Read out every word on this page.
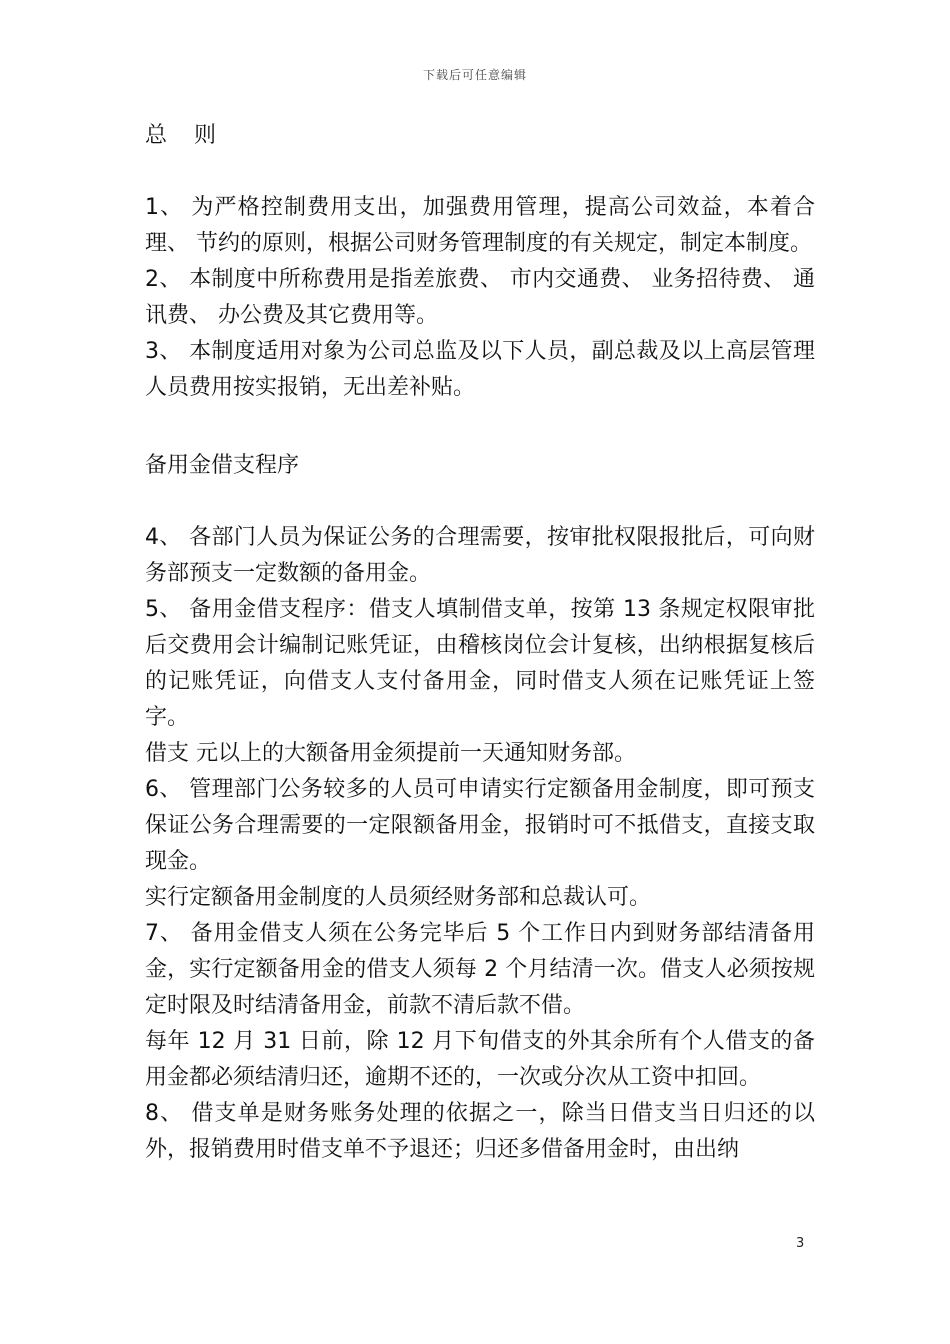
下载后可任意编辑
总 则

1、 为严格控制费用支出，加强费用管理，提高公司效益，本着合理、 节约的原则，根据公司财务管理制度的有关规定，制定本制度。

2、 本制度中所称费用是指差旅费、 市内交通费、 业务招待费、 通讯费、 办公费及其它费用等。

3、 本制度适用对象为公司总监及以下人员，副总裁及以上高层管理人员费用按实报销，无出差补贴。

备用金借支程序

4、 各部门人员为保证公务的合理需要，按审批权限报批后，可向财务部预支一定数额的备用金。

5、 备用金借支程序：借支人填制借支单，按第 13 条规定权限审批后交费用会计编制记账凭证，由稽核岗位会计复核，出纳根据复核后的记账凭证，向借支人支付备用金，同时借支人须在记账凭证上签字。

借支 元以上的大额备用金须提前一天通知财务部。

6、 管理部门公务较多的人员可申请实行定额备用金制度，即可预支保证公务合理需要的一定限额备用金，报销时可不抵借支，直接支取现金。

实行定额备用金制度的人员须经财务部和总裁认可。

7、 备用金借支人须在公务完毕后 5 个工作日内到财务部结清备用金，实行定额备用金的借支人须每 2 个月结清一次。借支人必须按规定时限及时结清备用金，前款不清后款不借。

每年 12 月 31 日前，除 12 月下旬借支的外其余所有个人借支的备用金都必须结清归还，逾期不还的，一次或分次从工资中扣回。

8、 借支单是财务账务处理的依据之一，除当日借支当日归还的以外，报销费用时借支单不予退还；归还多借备用金时，由出纳

3
